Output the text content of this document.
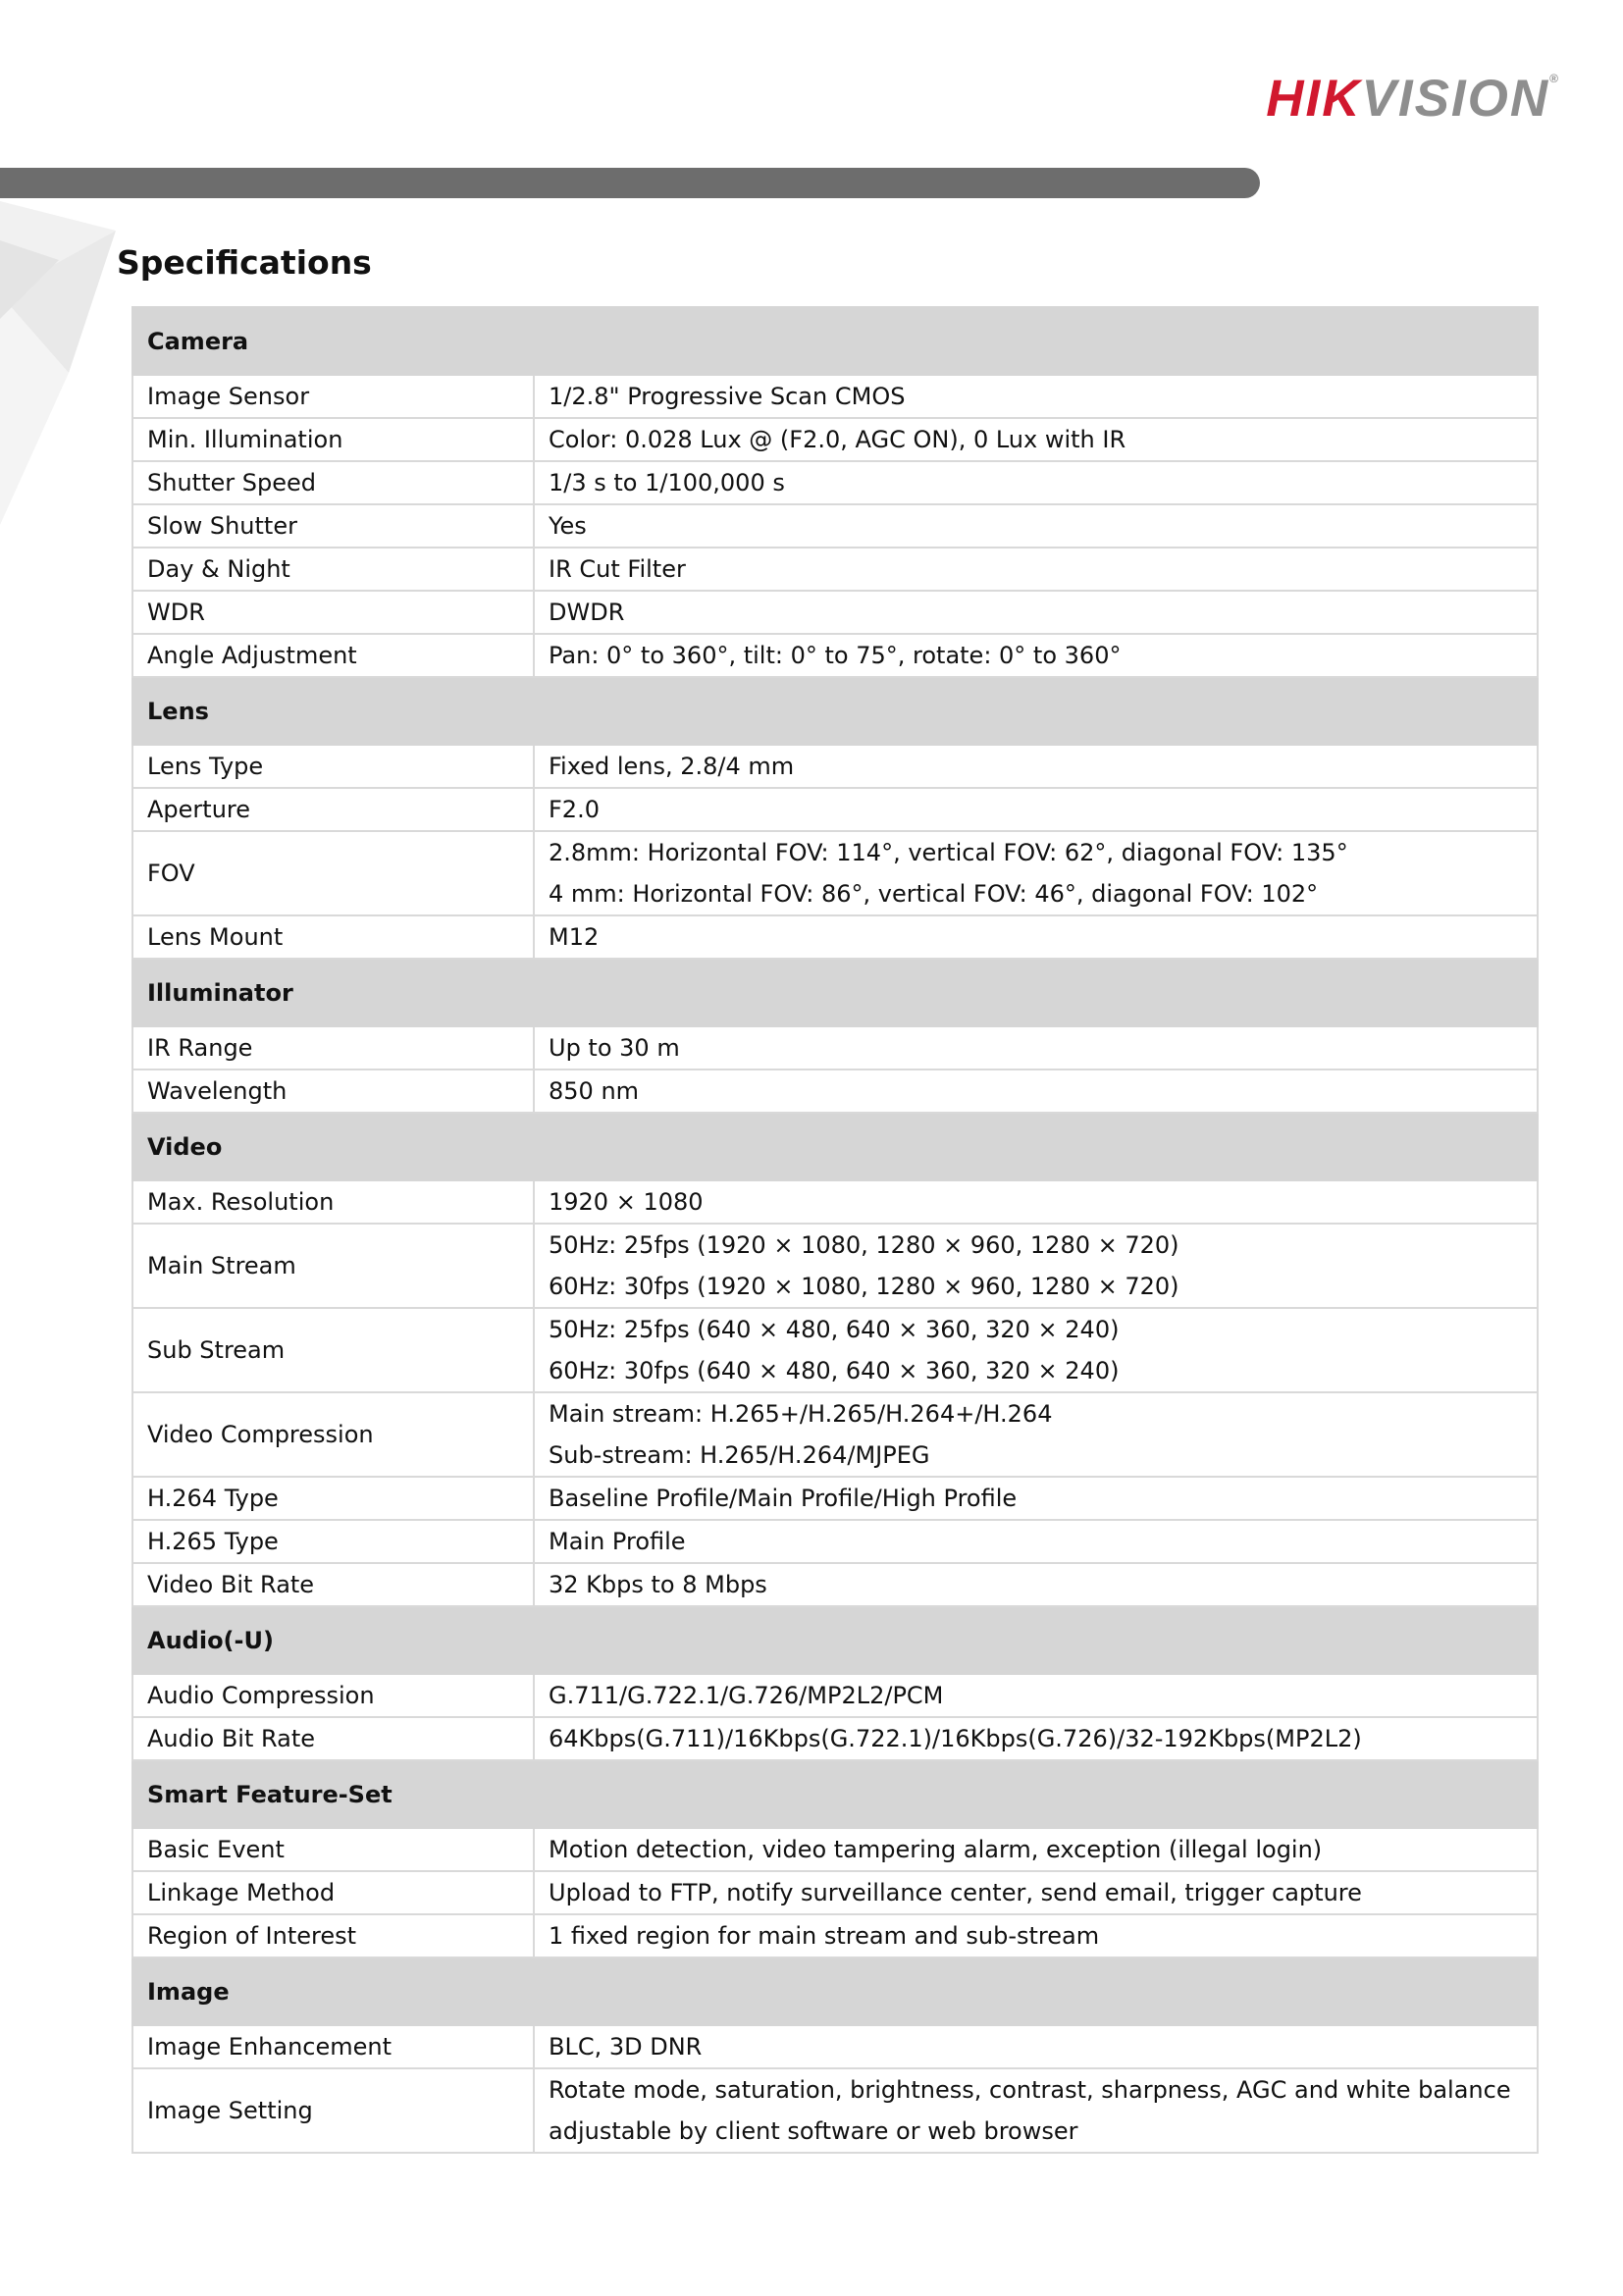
HIKVISION®
Specifications
Camera	
Image Sensor	1/2.8" Progressive Scan CMOS

Min. Illumination	Color: 0.028 Lux @ (F2.0, AGC ON), 0 Lux with IR

Shutter Speed	1/3 s to 1/100,000 s

Slow Shutter	Yes

Day & Night	IR Cut Filter

WDR	DWDR

Angle Adjustment	Pan: 0° to 360°, tilt: 0° to 75°, rotate: 0° to 360°

Lens	
Lens Type	Fixed lens, 2.8/4 mm

Aperture	F2.0

FOV	2.8mm: Horizontal FOV: 114°, vertical FOV: 62°, diagonal FOV: 135°
4 mm: Horizontal FOV: 86°, vertical FOV: 46°, diagonal FOV: 102°

Lens Mount	M12

Illuminator	
IR Range	Up to 30 m

Wavelength	850 nm

Video	
Max. Resolution	1920 × 1080

Main Stream	50Hz: 25fps (1920 × 1080, 1280 × 960, 1280 × 720)
60Hz: 30fps (1920 × 1080, 1280 × 960, 1280 × 720)

Sub Stream	50Hz: 25fps (640 × 480, 640 × 360, 320 × 240)
60Hz: 30fps (640 × 480, 640 × 360, 320 × 240)

Video Compression	Main stream: H.265+/H.265/H.264+/H.264
Sub-stream: H.265/H.264/MJPEG

H.264 Type	Baseline Profile/Main Profile/High Profile

H.265 Type	Main Profile

Video Bit Rate	32 Kbps to 8 Mbps

Audio(-U)	
Audio Compression	G.711/G.722.1/G.726/MP2L2/PCM

Audio Bit Rate	64Kbps(G.711)/16Kbps(G.722.1)/16Kbps(G.726)/32-192Kbps(MP2L2)

Smart Feature-Set	
Basic Event	Motion detection, video tampering alarm, exception (illegal login)

Linkage Method	Upload to FTP, notify surveillance center, send email, trigger capture

Region of Interest	1 fixed region for main stream and sub-stream

Image	
Image Enhancement	BLC, 3D DNR

Image Setting	Rotate mode, saturation, brightness, contrast, sharpness, AGC and white balance
adjustable by client software or web browser
